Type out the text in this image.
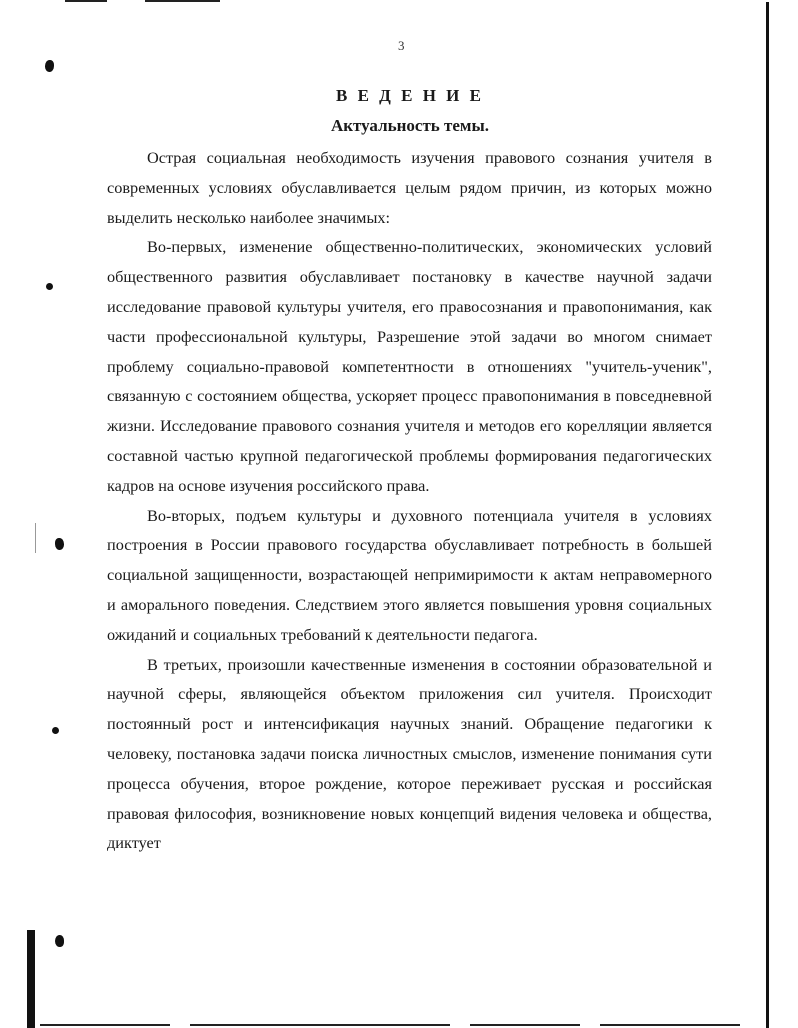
3
В Е Д Е Н И Е
Актуальность темы.

Острая социальная необходимость изучения правового сознания учителя в современных условиях обуславливается целым рядом причин, из которых можно выделить несколько наиболее значимых:

Во-первых, изменение общественно-политических, экономических условий общественного развития обуславливает постановку в качестве научной задачи исследование правовой культуры учителя, его правосознания и правопонимания, как части профессиональной культуры, Разрешение этой задачи во многом снимает проблему социально-правовой компетентности в отношениях "учитель-ученик", связанную с состоянием общества, ускоряет процесс правопонимания в повседневной жизни. Исследование правового сознания учителя и методов его корелляции является составной частью крупной педагогической проблемы формирования педагогических кадров на основе изучения российского права.

Во-вторых, подъем культуры и духовного потенциала учителя в условиях построения в России правового государства обуславливает потребность в большей социальной защищенности, возрастающей непримиримости к актам неправомерного и аморального поведения. Следствием этого является повышения уровня социальных ожиданий и социальных требований к деятельности педагога.

В третьих, произошли качественные изменения в состоянии образовательной и научной сферы, являющейся объектом приложения сил учителя. Происходит постоянный рост и интенсификация научных знаний. Обращение педагогики к человеку, постановка задачи поиска личностных смыслов, изменение понимания сути процесса обучения, второе рождение, которое переживает русская и российская правовая философия, возникновение новых концепций видения человека и общества, диктует
